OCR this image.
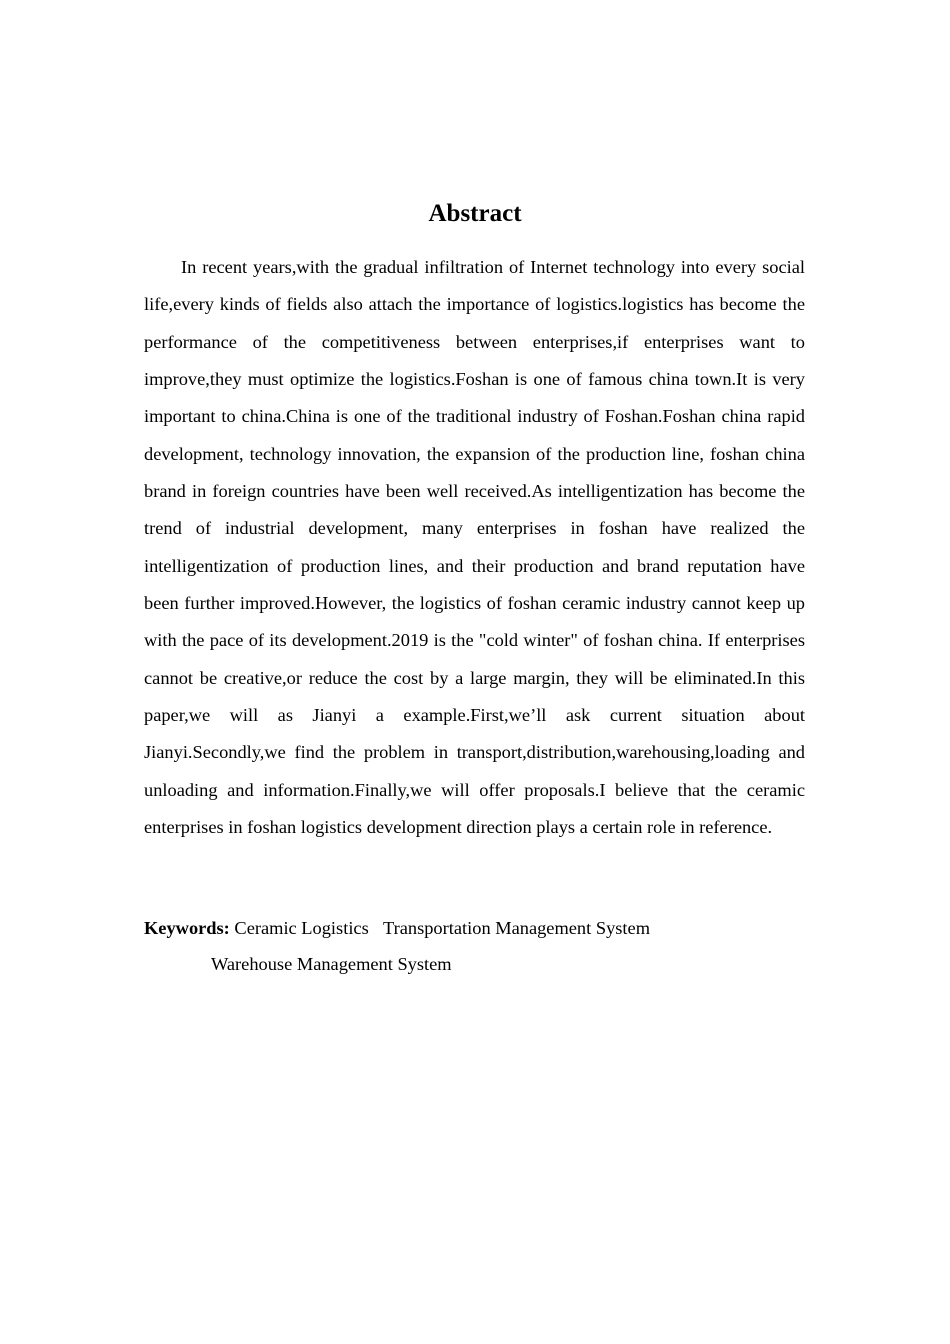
Abstract

In recent years,with the gradual infiltration of Internet technology into every social life,every kinds of fields also attach the importance of logistics.logistics has become the performance of the competitiveness between enterprises,if enterprises want to improve,they must optimize the logistics.Foshan is one of famous china town.It is very important to china.China is one of the traditional industry of Foshan.Foshan china rapid development, technology innovation, the expansion of the production line, foshan china brand in foreign countries have been well received.As intelligentization has become the trend of industrial development, many enterprises in foshan have realized the intelligentization of production lines, and their production and brand reputation have been further improved.However, the logistics of foshan ceramic industry cannot keep up with the pace of its development.2019 is the "cold winter" of foshan china. If enterprises cannot be creative,or reduce the cost by a large margin, they will be eliminated.In this paper,we will as Jianyi a example.First,we’ll ask current situation about Jianyi.Secondly,we find the problem in transport,distribution,warehousing,loading and unloading and information.Finally,we will offer proposals.I believe that the ceramic enterprises in foshan logistics development direction plays a certain role in reference.

Keywords: Ceramic Logistics Transportation Management System
Warehouse Management System
